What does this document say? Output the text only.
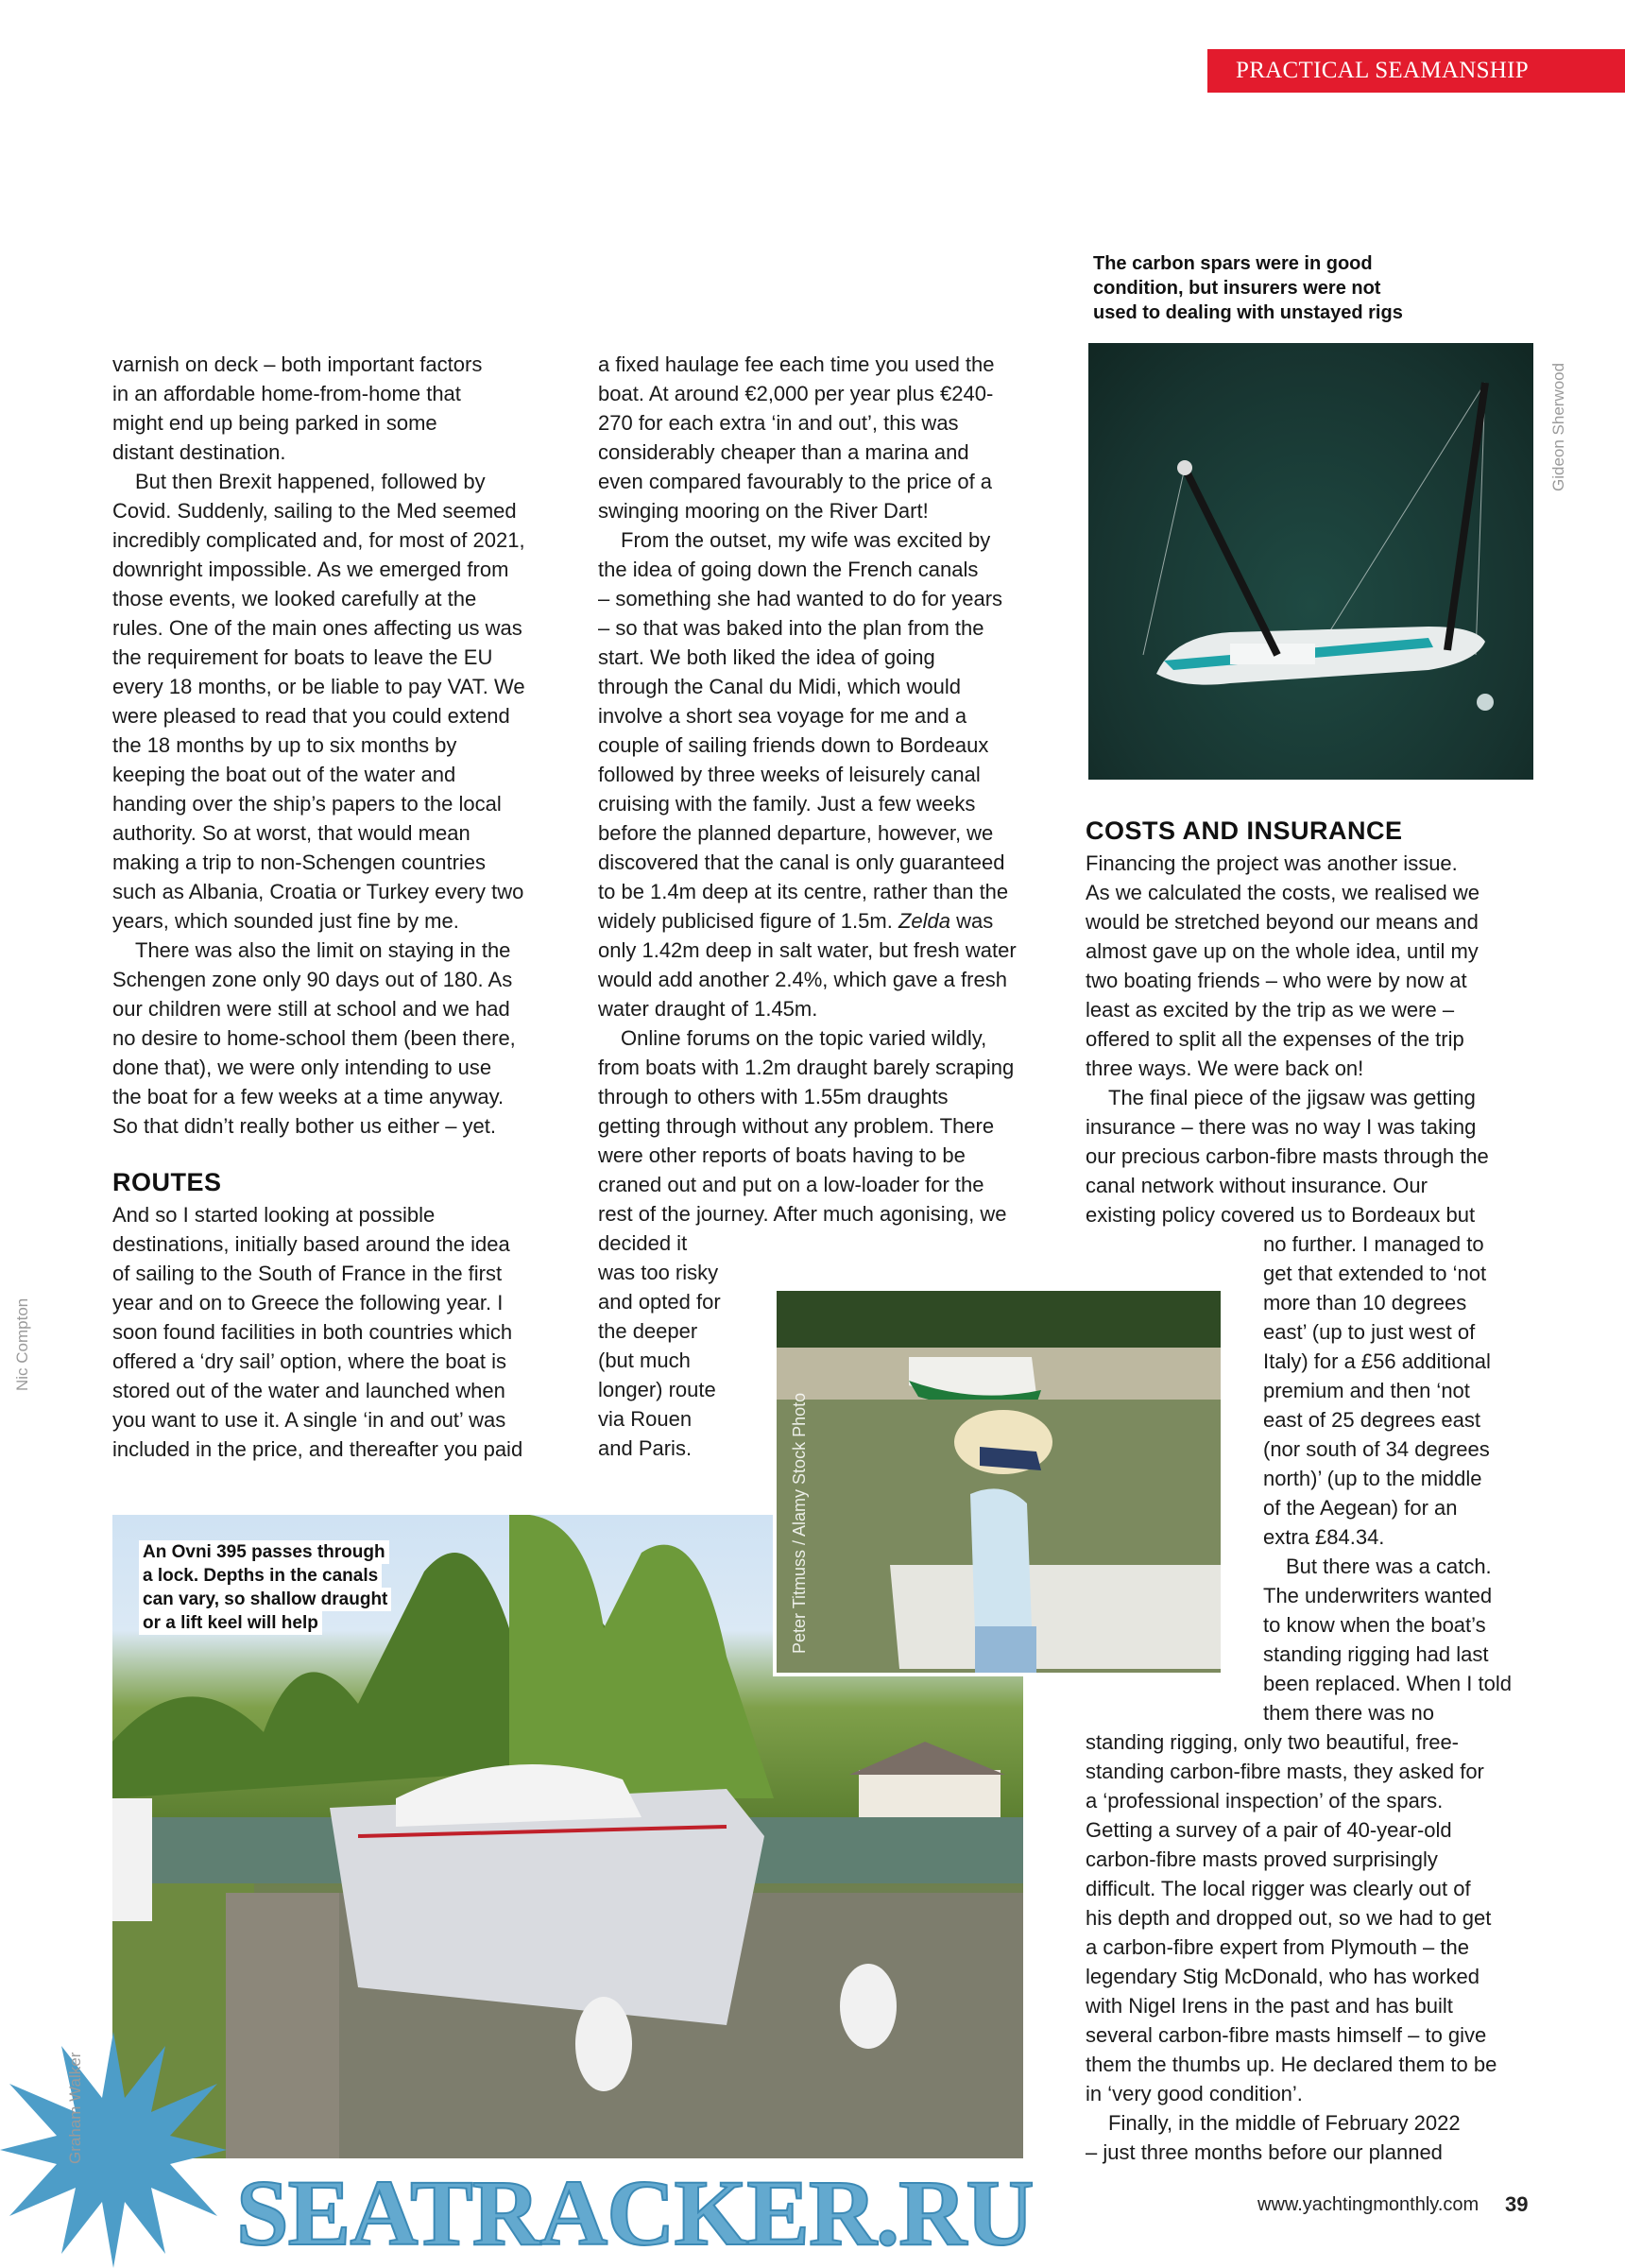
PRACTICAL SEAMANSHIP
The carbon spars were in good
condition, but insurers were not
used to dealing with unstayed rigs
Gideon Sherwood
ROUTES
COSTS AND INSURANCE
varnish on deck – both important factors
in an affordable home-from-home that
might end up being parked in some
distant destination.
But then Brexit happened, followed by
Covid. Suddenly, sailing to the Med seemed
incredibly complicated and, for most of 2021,
downright impossible. As we emerged from
those events, we looked carefully at the
rules. One of the main ones affecting us was
the requirement for boats to leave the EU
every 18 months, or be liable to pay VAT. We
were pleased to read that you could extend
the 18 months by up to six months by
keeping the boat out of the water and
handing over the ship’s papers to the local
authority. So at worst, that would mean
making a trip to non-Schengen countries
such as Albania, Croatia or Turkey every two
years, which sounded just fine by me.
There was also the limit on staying in the
Schengen zone only 90 days out of 180. As
our children were still at school and we had
no desire to home-school them (been there,
done that), we were only intending to use
the boat for a few weeks at a time anyway.
So that didn’t really bother us either – yet.
And so I started looking at possible
destinations, initially based around the idea
of sailing to the South of France in the first
year and on to Greece the following year. I
soon found facilities in both countries which
offered a ‘dry sail’ option, where the boat is
stored out of the water and launched when
you want to use it. A single ‘in and out’ was
included in the price, and thereafter you paid
a fixed haulage fee each time you used the
boat. At around €2,000 per year plus €240-
270 for each extra ‘in and out’, this was
considerably cheaper than a marina and
even compared favourably to the price of a
swinging mooring on the River Dart!
From the outset, my wife was excited by
the idea of going down the French canals
– something she had wanted to do for years
– so that was baked into the plan from the
start. We both liked the idea of going
through the Canal du Midi, which would
involve a short sea voyage for me and a
couple of sailing friends down to Bordeaux
followed by three weeks of leisurely canal
cruising with the family. Just a few weeks
before the planned departure, however, we
discovered that the canal is only guaranteed
to be 1.4m deep at its centre, rather than the
widely publicised figure of 1.5m. Zelda was
only 1.42m deep in salt water, but fresh water
would add another 2.4%, which gave a fresh
water draught of 1.45m.
Online forums on the topic varied wildly,
from boats with 1.2m draught barely scraping
through to others with 1.55m draughts
getting through without any problem. There
were other reports of boats having to be
craned out and put on a low-loader for the
rest of the journey. After much agonising, we
decided it
was too risky
and opted for
the deeper
(but much
longer) route
via Rouen
and Paris.
Financing the project was another issue.
As we calculated the costs, we realised we
would be stretched beyond our means and
almost gave up on the whole idea, until my
two boating friends – who were by now at
least as excited by the trip as we were –
offered to split all the expenses of the trip
three ways. We were back on!
The final piece of the jigsaw was getting
insurance – there was no way I was taking
our precious carbon-fibre masts through the
canal network without insurance. Our
existing policy covered us to Bordeaux but
no further. I managed to
get that extended to ‘not
more than 10 degrees
east’ (up to just west of
Italy) for a £56 additional
premium and then ‘not
east of 25 degrees east
(nor south of 34 degrees
north)’ (up to the middle
of the Aegean) for an
extra £84.34.
But there was a catch.
The underwriters wanted
to know when the boat’s
standing rigging had last
been replaced. When I told
them there was no
standing rigging, only two beautiful, free-
standing carbon-fibre masts, they asked for
a ‘professional inspection’ of the spars.
Getting a survey of a pair of 40-year-old
carbon-fibre masts proved surprisingly
difficult. The local rigger was clearly out of
his depth and dropped out, so we had to get
a carbon-fibre expert from Plymouth – the
legendary Stig McDonald, who has worked
with Nigel Irens in the past and has built
several carbon-fibre masts himself – to give
them the thumbs up. He declared them to be
in ‘very good condition’.
Finally, in the middle of February 2022
– just three months before our planned
Nic Compton
Peter Titmuss / Alamy Stock Photo
An Ovni 395 passes through
a lock. Depths in the canals
can vary, so shallow draught
or a lift keel will help
Graham Walker
SEATRACKER.RU	www.yachtingmonthly.com 39
